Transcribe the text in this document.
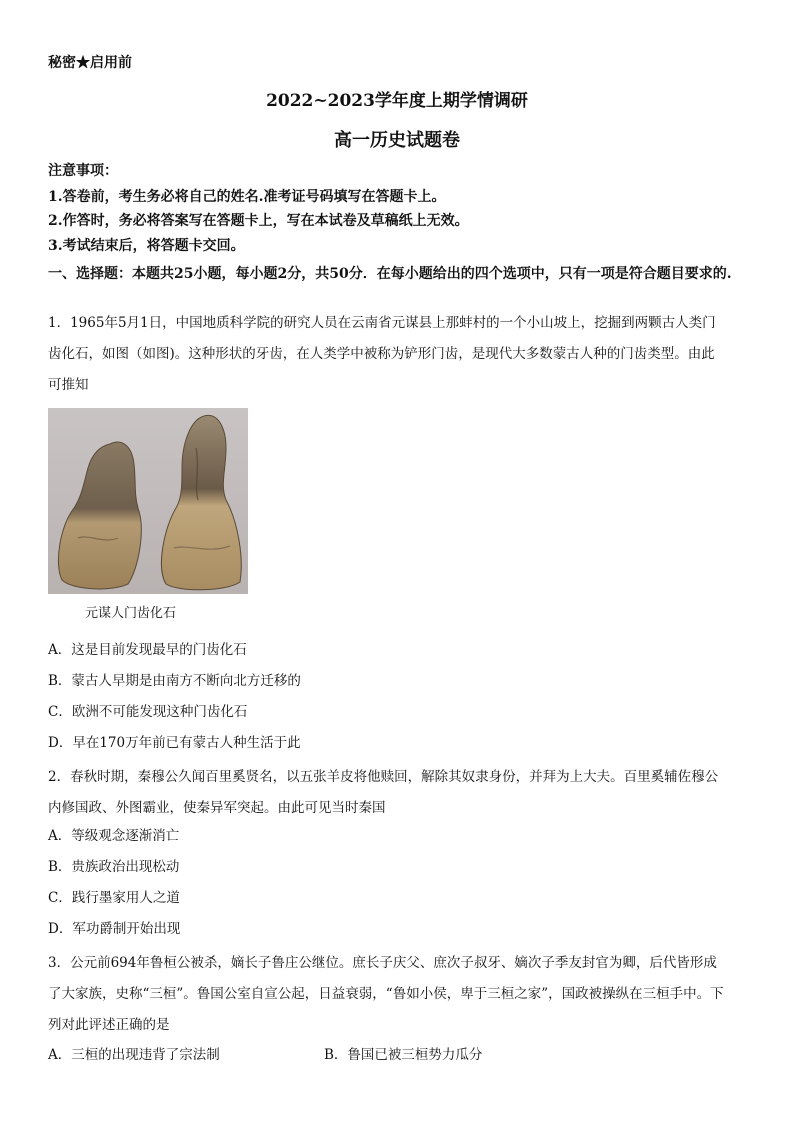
秘密★启用前
2022~2023学年度上期学情调研
高一历史试题卷
注意事项：
1.答卷前，考生务必将自己的姓名.准考证号码填写在答题卡上。
2.作答时，务必将答案写在答题卡上，写在本试卷及草稿纸上无效。
3.考试结束后，将答题卡交回。
一、选择题：本题共25小题，每小题2分，共50分．在每小题给出的四个选项中，只有一项是符合题目要求的.
1．1965年5月1日，中国地质科学院的研究人员在云南省元谋县上那蚌村的一个小山坡上，挖掘到两颗古人类门
齿化石，如图（如图)。这种形状的牙齿，在人类学中被称为铲形门齿，是现代大多数蒙古人种的门齿类型。由此
可推知
元谋人门齿化石
A．这是目前发现最早的门齿化石
B．蒙古人早期是由南方不断向北方迁移的
C．欧洲不可能发现这种门齿化石
D．早在170万年前已有蒙古人种生活于此
2．春秋时期，秦穆公久闻百里奚贤名，以五张羊皮将他赎回，解除其奴隶身份，并拜为上大夫。百里奚辅佐穆公
内修国政、外图霸业，使秦异军突起。由此可见当时秦国
A．等级观念逐渐消亡
B．贵族政治出现松动
C．践行墨家用人之道
D．军功爵制开始出现
3．公元前694年鲁桓公被杀，嫡长子鲁庄公继位。庶长子庆父、庶次子叔牙、嫡次子季友封官为卿，后代皆形成
了大家族，史称“三桓”。鲁国公室自宣公起，日益衰弱，“鲁如小侯，卑于三桓之家”，国政被操纵在三桓手中。下
列对此评述正确的是
A．三桓的出现违背了宗法制	B．鲁国已被三桓势力瓜分
